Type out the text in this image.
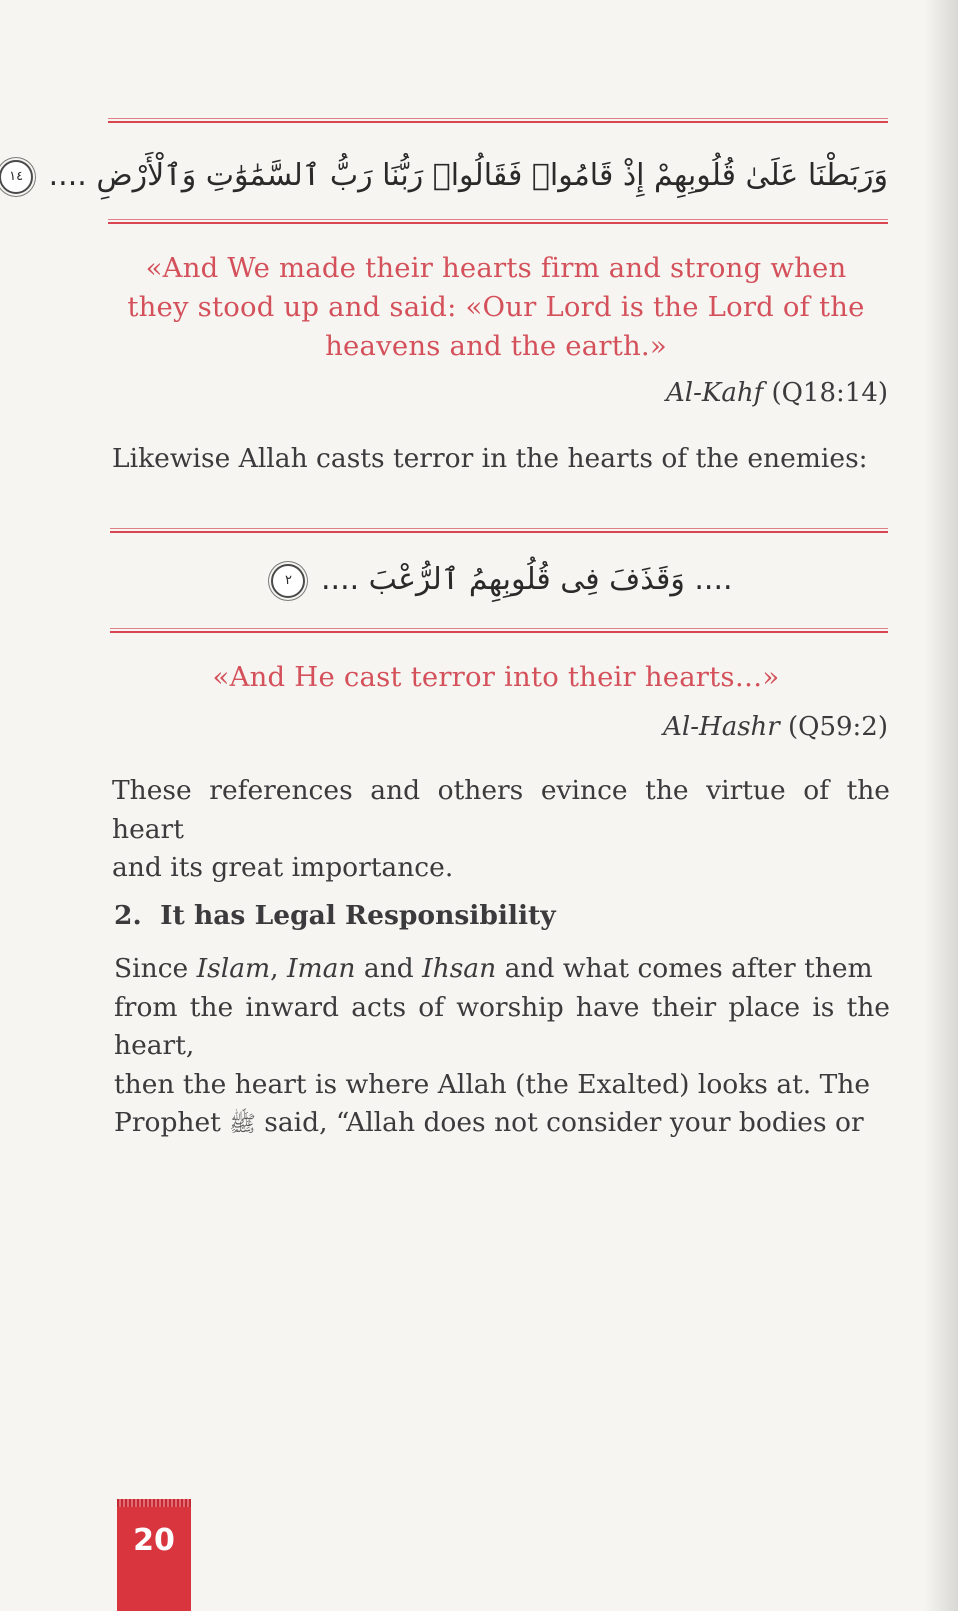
وَرَبَطْنَا عَلَىٰ قُلُوبِهِمْ إِذْ قَامُوا۟ فَقَالُوا۟ رَبُّنَا رَبُّ ٱلسَّمَٰوَٰتِ وَٱلْأَرْضِ .... ١٤
«And We made their hearts firm and strong when
they stood up and said: «Our Lord is the Lord of the
heavens and the earth.»
Al-Kahf (Q18:14)
Likewise Allah casts terror in the hearts of the enemies:
.... وَقَذَفَ فِى قُلُوبِهِمُ ٱلرُّعْبَ .... ٢
«And He cast terror into their hearts…»
Al-Hashr (Q59:2)
These references and others evince the virtue of the heart
and its great importance.
2. It has Legal Responsibility
Since Islam, Iman and Ihsan and what comes after them
from the inward acts of worship have their place is the heart,
then the heart is where Allah (the Exalted) looks at. The
Prophet ﷺ said, “Allah does not consider your bodies or
20
